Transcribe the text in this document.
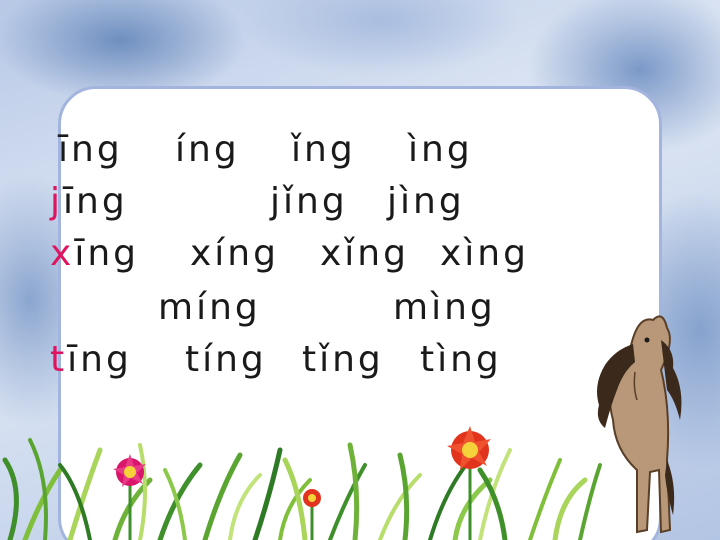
īng íng ǐng ìng
jīng	jǐng jìng
xīng xíng xǐng xìng
míng	mìng
tīng tíng tǐng tìng
